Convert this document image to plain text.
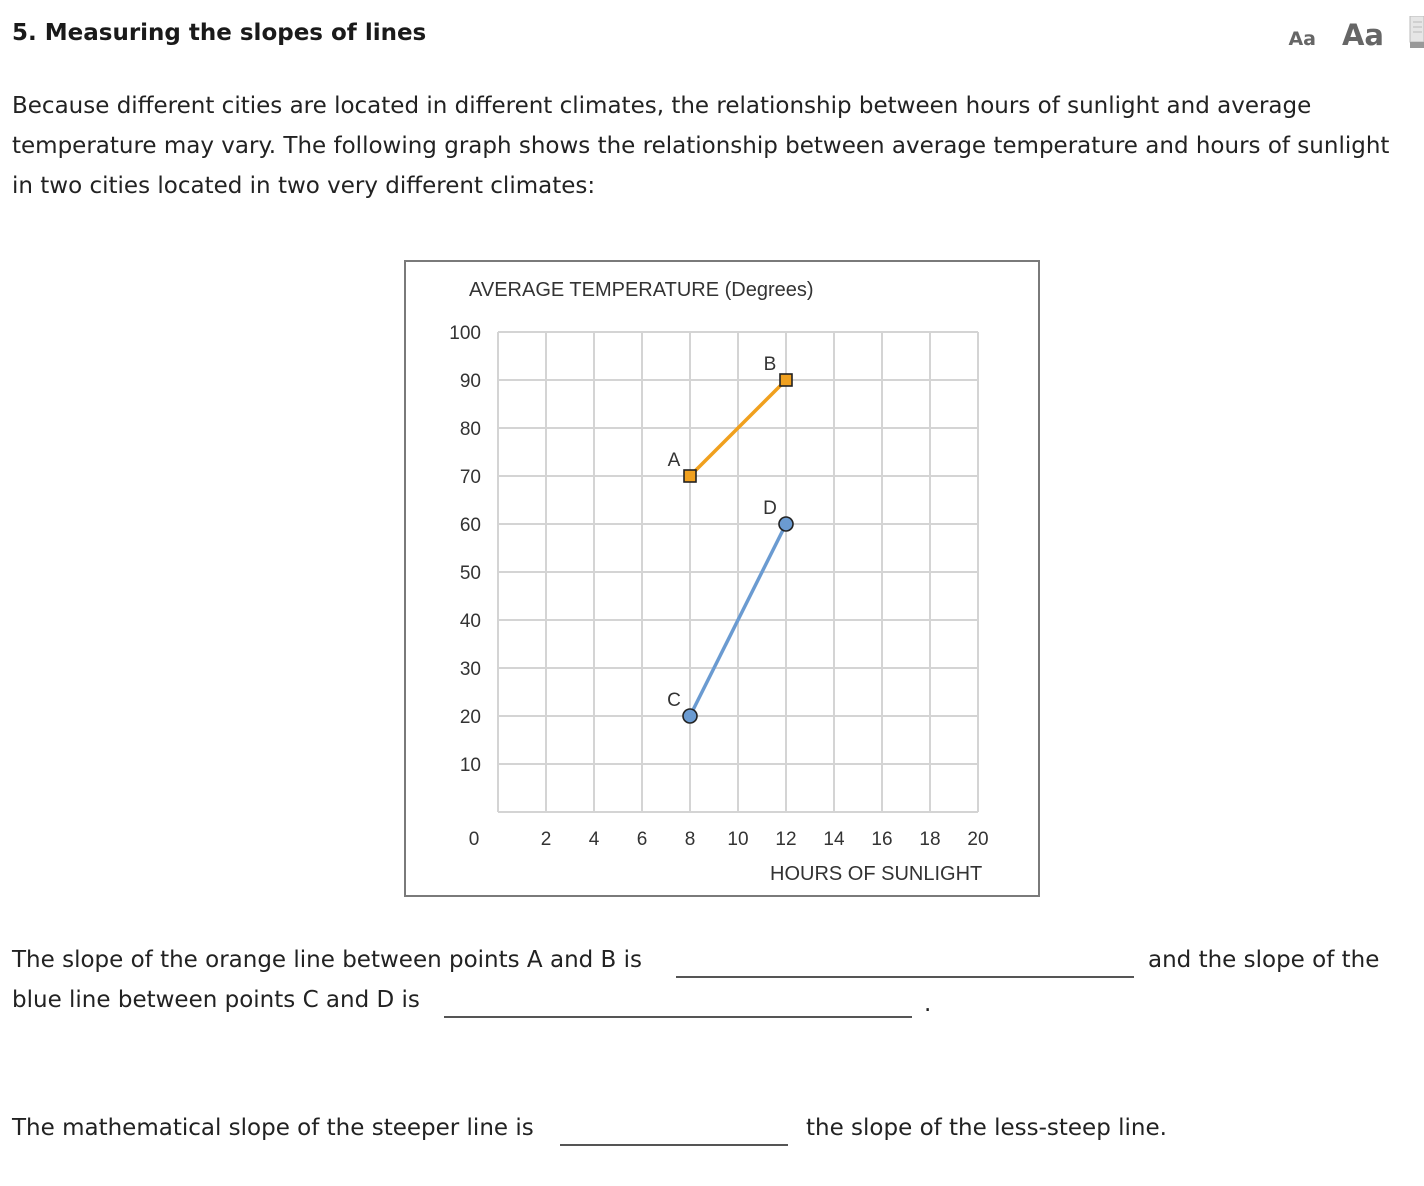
5. Measuring the slopes of lines	Aa Aa
Because different cities are located in different climates, the relationship between hours of sunlight and average temperature may vary. The following graph shows the relationship between average temperature and hours of sunlight in two cities located in two very different climates:
AVERAGE TEMPERATURE (Degrees)
10
20
30
40
50
60
70
80
90
100
0	2 4 6 8 10 12 14 16 18 20
A
B
C
D
HOURS OF SUNLIGHT
The slope of the orange line between points A and B is	and the slope of the
blue line between points C and D is	.
The mathematical slope of the steeper line is	the slope of the less-steep line.
